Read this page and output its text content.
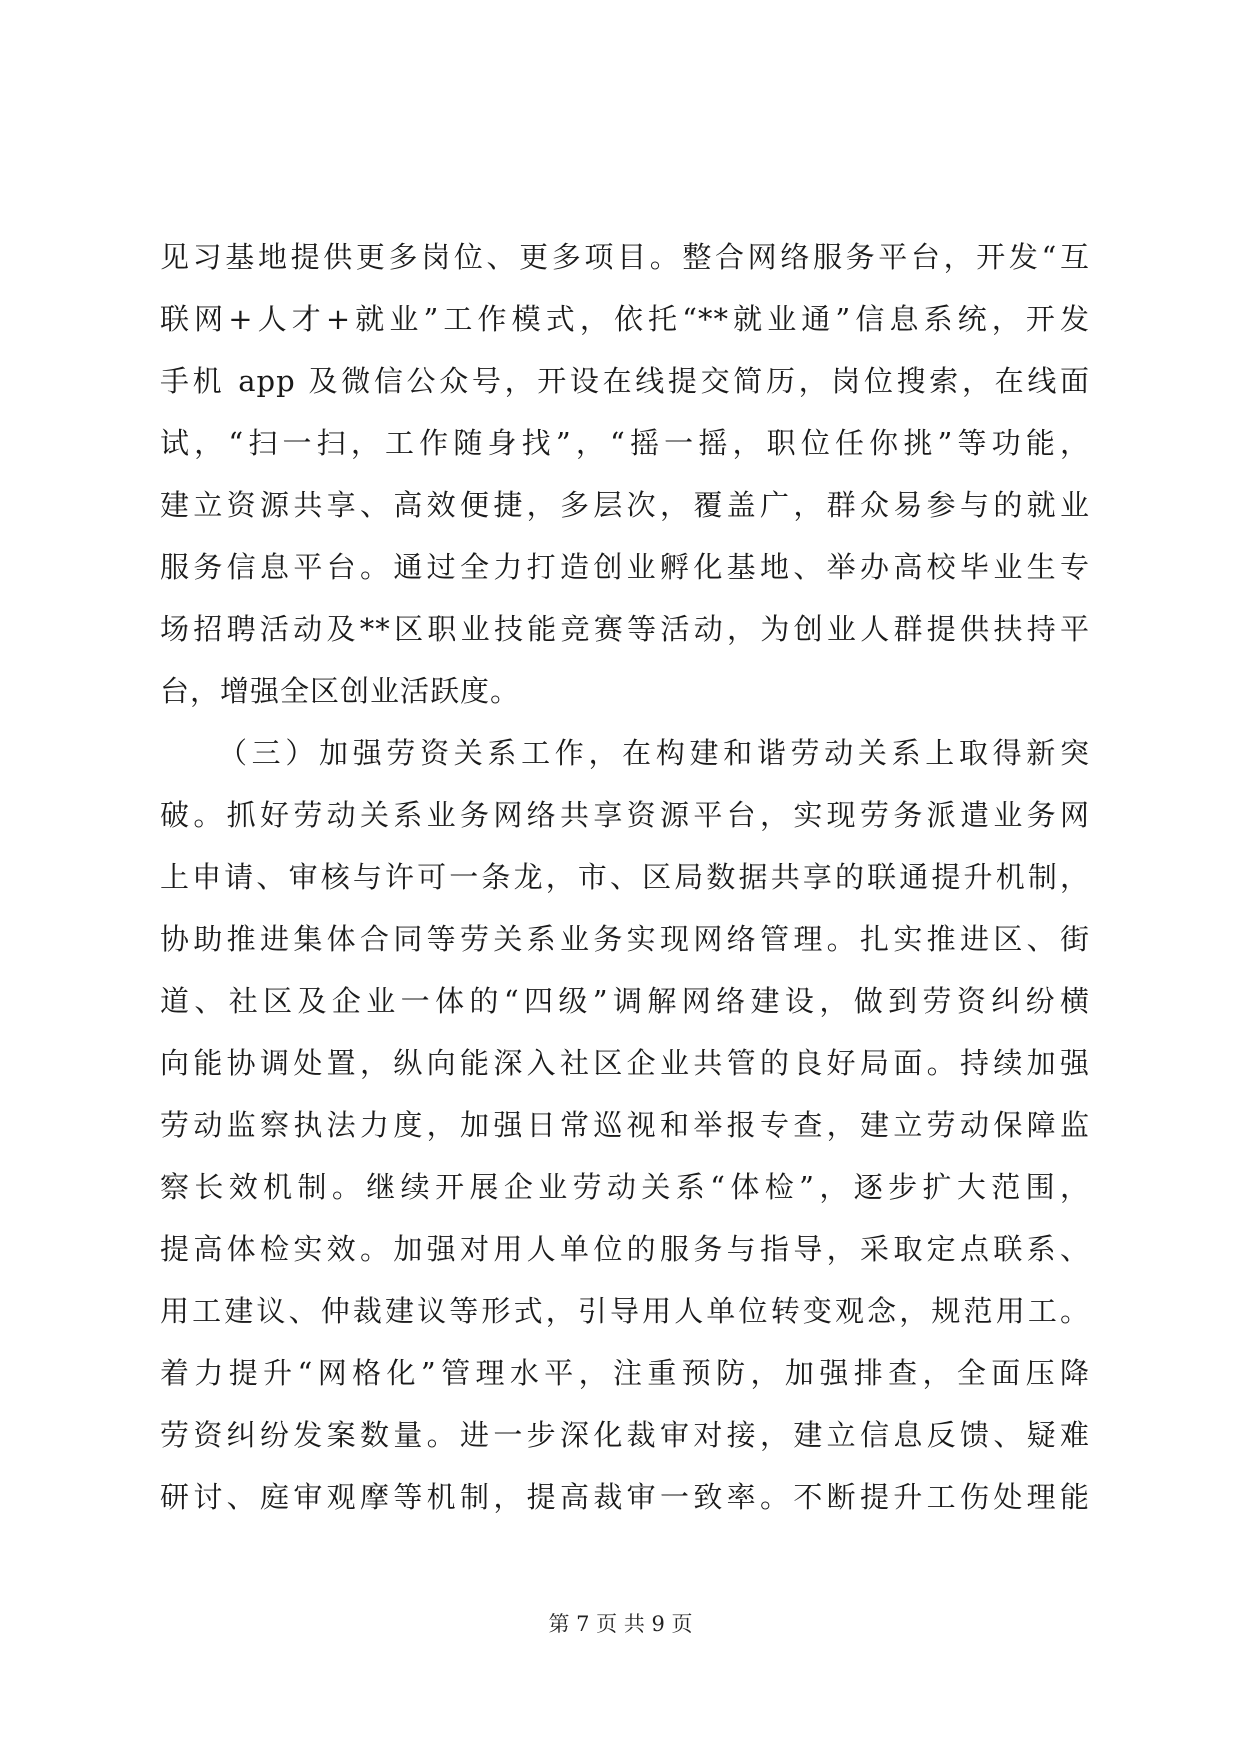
见习基地提供更多岗位、更多项目。整合网络服务平台，开发“互
联网+人才+就业”工作模式，依托“**就业通”信息系统，开发
手机 app 及微信公众号，开设在线提交简历，岗位搜索，在线面
试，“扫一扫，工作随身找”，“摇一摇，职位任你挑”等功能，
建立资源共享、高效便捷，多层次，覆盖广，群众易参与的就业
服务信息平台。通过全力打造创业孵化基地、举办高校毕业生专
场招聘活动及**区职业技能竞赛等活动，为创业人群提供扶持平
台，增强全区创业活跃度。
（三）加强劳资关系工作，在构建和谐劳动关系上取得新突
破。抓好劳动关系业务网络共享资源平台，实现劳务派遣业务网
上申请、审核与许可一条龙，市、区局数据共享的联通提升机制，
协助推进集体合同等劳关系业务实现网络管理。扎实推进区、街
道、社区及企业一体的“四级”调解网络建设，做到劳资纠纷横
向能协调处置，纵向能深入社区企业共管的良好局面。持续加强
劳动监察执法力度，加强日常巡视和举报专查，建立劳动保障监
察长效机制。继续开展企业劳动关系“体检”，逐步扩大范围，
提高体检实效。加强对用人单位的服务与指导，采取定点联系、
用工建议、仲裁建议等形式，引导用人单位转变观念，规范用工。
着力提升“网格化”管理水平，注重预防，加强排查，全面压降
劳资纠纷发案数量。进一步深化裁审对接，建立信息反馈、疑难
研讨、庭审观摩等机制，提高裁审一致率。不断提升工伤处理能
第 7 页 共 9 页
